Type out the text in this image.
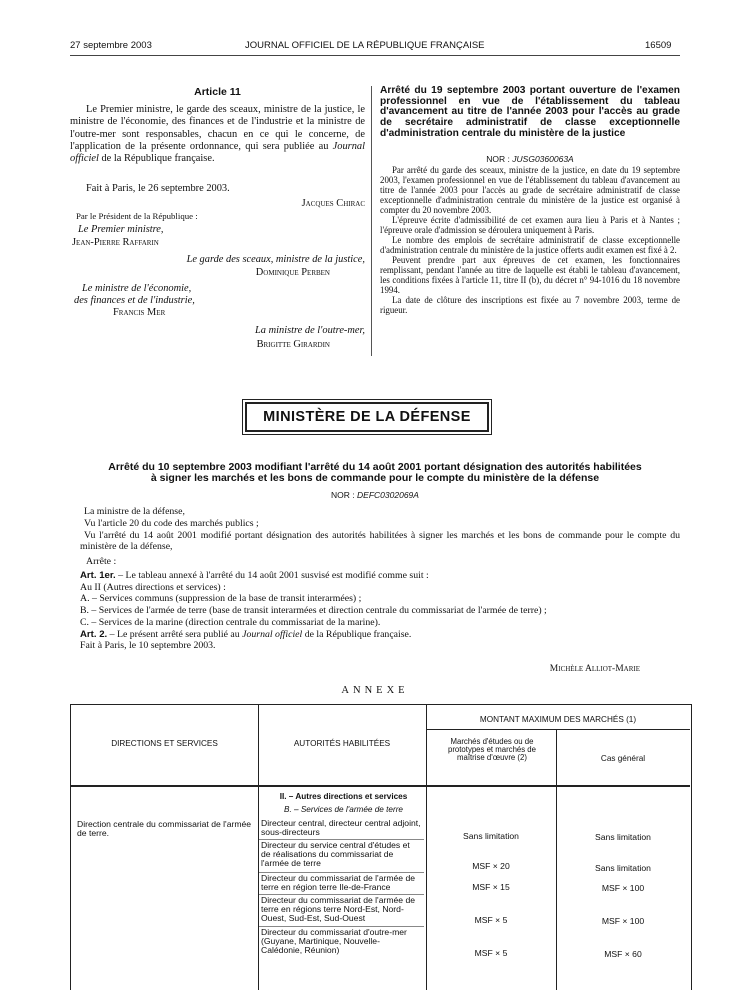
27 septembre 2003	JOURNAL OFFICIEL DE LA RÉPUBLIQUE FRANÇAISE	16509
Article 11
Le Premier ministre, le garde des sceaux, ministre de la justice, le ministre de l'économie, des finances et de l'industrie et la ministre de l'outre-mer sont responsables, chacun en ce qui le concerne, de l'application de la présente ordonnance, qui sera publiée au Journal officiel de la République française.
Fait à Paris, le 26 septembre 2003.
Jacques Chirac
Par le Président de la République :
Le Premier ministre,
Jean-Pierre Raffarin
Le garde des sceaux, ministre de la justice,
Dominique Perben
Le ministre de l'économie,
des finances et de l'industrie,
Francis Mer
La ministre de l'outre-mer,
Brigitte Girardin
Arrêté du 19 septembre 2003 portant ouverture de l'examen professionnel en vue de l'établissement du tableau d'avancement au titre de l'année 2003 pour l'accès au grade de secrétaire administratif de classe exceptionnelle d'administration centrale du ministère de la justice
NOR : JUSG0360063A

Par arrêté du garde des sceaux, ministre de la justice, en date du 19 septembre 2003, l'examen professionnel en vue de l'établissement du tableau d'avancement au titre de l'année 2003 pour l'accès au grade de secrétaire administratif de classe exceptionnelle d'administration centrale du ministère de la justice est organisé à compter du 20 novembre 2003.

L'épreuve écrite d'admissibilité de cet examen aura lieu à Paris et à Nantes ; l'épreuve orale d'admission se déroulera uniquement à Paris.

Le nombre des emplois de secrétaire administratif de classe exceptionnelle d'administration centrale du ministère de la justice offerts audit examen est fixé à 2.

Peuvent prendre part aux épreuves de cet examen, les fonctionnaires remplissant, pendant l'année au titre de laquelle est établi le tableau d'avancement, les conditions fixées à l'article 11, titre II (b), du décret n° 94-1016 du 18 novembre 1994.

La date de clôture des inscriptions est fixée au 7 novembre 2003, terme de rigueur.

MINISTÈRE DE LA DÉFENSE
Arrêté du 10 septembre 2003 modifiant l'arrêté du 14 août 2001 portant désignation des autorités habilitées
à signer les marchés et les bons de commande pour le compte du ministère de la défense
NOR : DEFC0302069A

La ministre de la défense,

Vu l'article 20 du code des marchés publics ;

Vu l'arrêté du 14 août 2001 modifié portant désignation des autorités habilitées à signer les marchés et les bons de commande pour le compte du ministère de la défense,

Arrête :

Art. 1er. – Le tableau annexé à l'arrêté du 14 août 2001 susvisé est modifié comme suit :

Au II (Autres directions et services) :

A. – Services communs (suppression de la base de transit interarmées) ;

B. – Services de l'armée de terre (base de transit interarmées et direction centrale du commissariat de l'armée de terre) ;

C. – Services de la marine (direction centrale du commissariat de la marine).

Art. 2. – Le présent arrêté sera publié au Journal officiel de la République française.

Fait à Paris, le 10 septembre 2003.

Michèle Alliot-Marie
ANNEXE
DIRECTIONS ET SERVICES	AUTORITÉS HABILITÉES
MONTANT MAXIMUM DES MARCHÉS (1)
Marchés d'études ou de prototypes et marchés de maîtrise d'œuvre (2)	Cas général
II. – Autres directions et services
B. – Services de l'armée de terre
Direction centrale du commissariat de l'armée de terre.
Directeur central, directeur central adjoint, sous-directeurs	Sans limitation	Sans limitation
Directeur du service central d'études et de réalisations du commissariat de l'armée de terre	MSF × 20	Sans limitation
Directeur du commissariat de l'armée de terre en région terre Ile-de-France	MSF × 15	MSF × 100
Directeur du commissariat de l'armée de terre en régions terre Nord-Est, Nord-Ouest, Sud-Est, Sud-Ouest	MSF × 5	MSF × 100
Directeur du commissariat d'outre-mer (Guyane, Martinique, Nouvelle-Calédonie, Réunion)	MSF × 5	MSF × 60
